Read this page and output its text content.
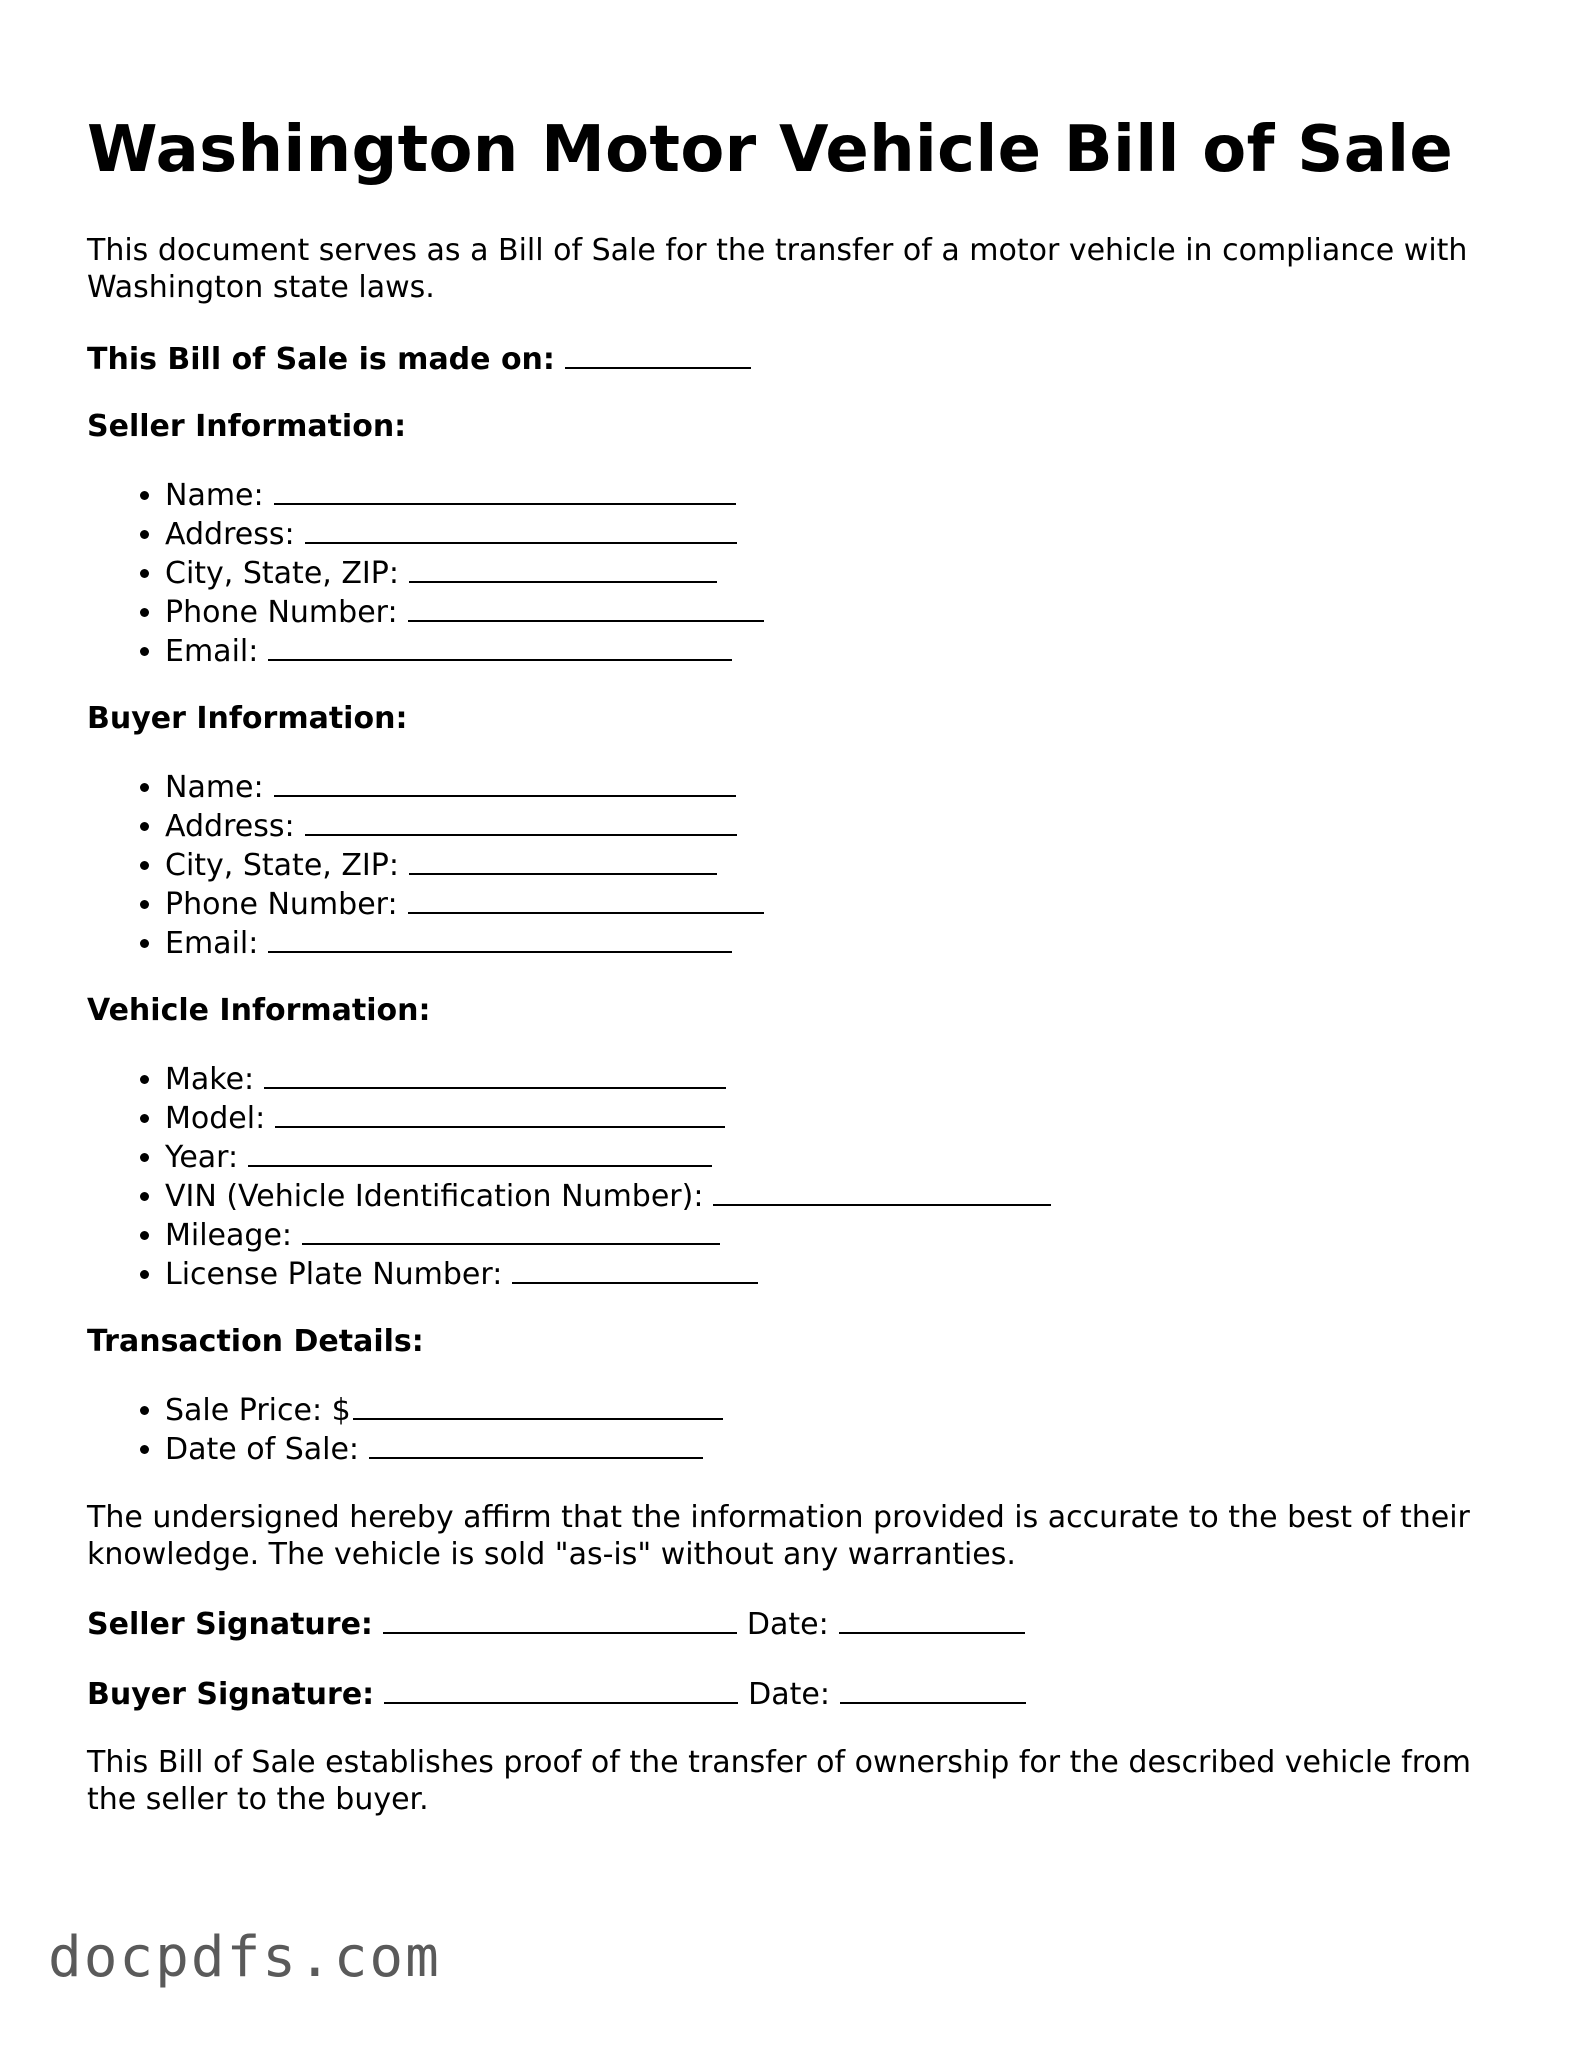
Washington Motor Vehicle Bill of Sale

This document serves as a Bill of Sale for the transfer of a motor vehicle in compliance with Washington state laws.

This Bill of Sale is made on:

Seller Information:

• Name:
• Address:
• City, State, ZIP:
• Phone Number:
• Email:

Buyer Information:

• Name:
• Address:
• City, State, ZIP:
• Phone Number:
• Email:

Vehicle Information:

• Make:
• Model:
• Year:
• VIN (Vehicle Identification Number):
• Mileage:
• License Plate Number:

Transaction Details:

• Sale Price: $
• Date of Sale:

The undersigned hereby affirm that the information provided is accurate to the best of their knowledge. The vehicle is sold "as-is" without any warranties.

Seller Signature:	Date:

Buyer Signature:	Date:

This Bill of Sale establishes proof of the transfer of ownership for the described vehicle from the seller to the buyer.

docpdfs.com
